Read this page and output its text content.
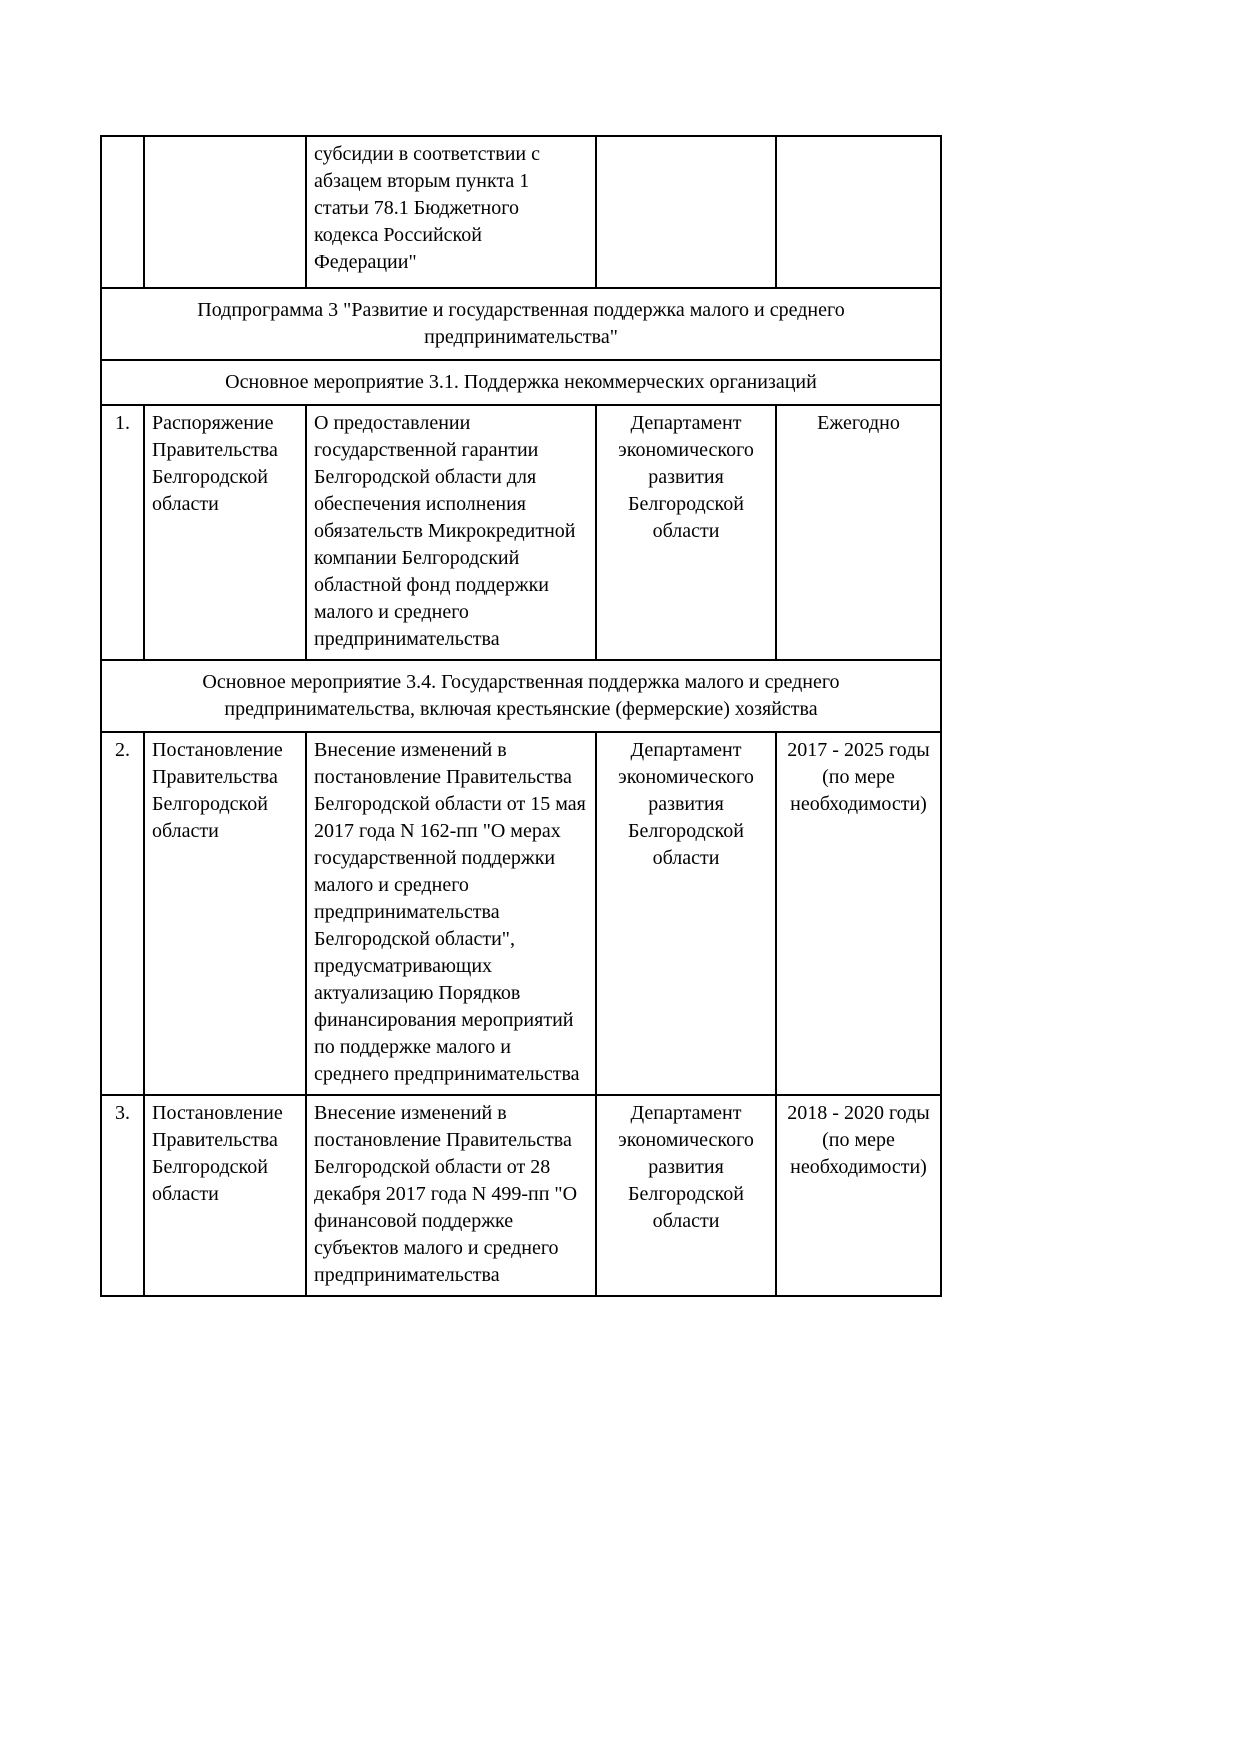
		субсидии в соответствии с абзацем вторым пункта 1 статьи 78.1 Бюджетного кодекса Российской Федерации"		
Подпрограмма 3 "Развитие и государственная поддержка малого и среднего предпринимательства"				
Основное мероприятие 3.1. Поддержка некоммерческих организаций				
1.	Распоряжение Правительства Белгородской области	О предоставлении государственной гарантии Белгородской области для обеспечения исполнения обязательств Микрокредитной компании Белгородский областной фонд поддержки малого и среднего предпринимательства	Департамент экономического развития Белгородской области	Ежегодно
Основное мероприятие 3.4. Государственная поддержка малого и среднего предпринимательства, включая крестьянские (фермерские) хозяйства				
2.	Постановление Правительства Белгородской области	Внесение изменений в постановление Правительства Белгородской области от 15 мая 2017 года N 162-пп "О мерах государственной поддержки малого и среднего предпринимательства Белгородской области", предусматривающих актуализацию Порядков финансирования мероприятий по поддержке малого и среднего предпринимательства	Департамент экономического развития Белгородской области	2017 - 2025 годы (по мере необходимости)
3.	Постановление Правительства Белгородской области	Внесение изменений в постановление Правительства Белгородской области от 28 декабря 2017 года N 499-пп "О финансовой поддержке субъектов малого и среднего предпринимательства	Департамент экономического развития Белгородской области	2018 - 2020 годы (по мере необходимости)
